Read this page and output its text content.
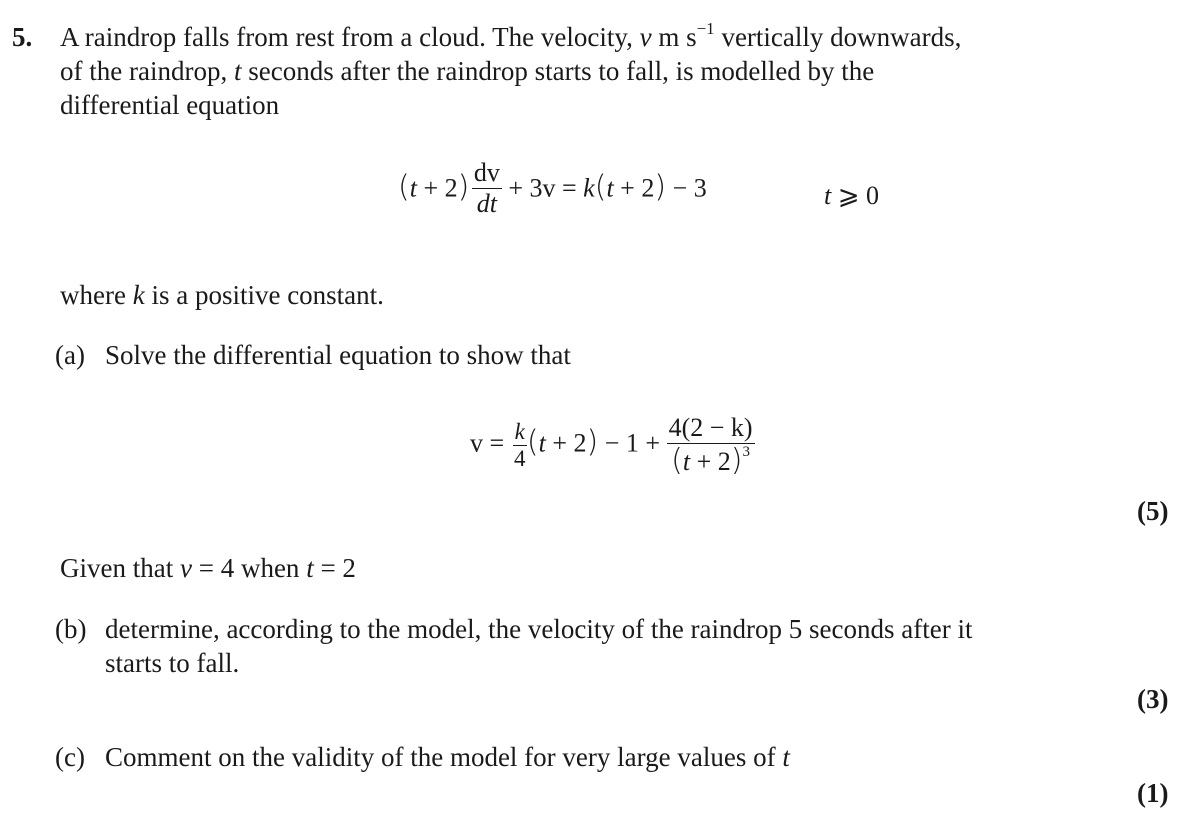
5. A raindrop falls from rest from a cloud. The velocity, v m $s^{-1}$ vertically downwards,
of the raindrop, t seconds after the raindrop starts to fall, is modelled by the
differential equation
$(t + 2) \frac{dv}{dt} + 3v = k(t + 2) - 3$	t ⩾ 0
where k is a positive constant.
(a) Solve the differential equation to show that
$v = \frac{k}{4} (t + 2) - 1 + \frac{4(2 - k)}{(t + 2)^3}$
(5)
Given that v = 4 when t = 2
(b) determine, according to the model, the velocity of the raindrop 5 seconds after it
starts to fall.
(3)
(c) Comment on the validity of the model for very large values of t
(1)
